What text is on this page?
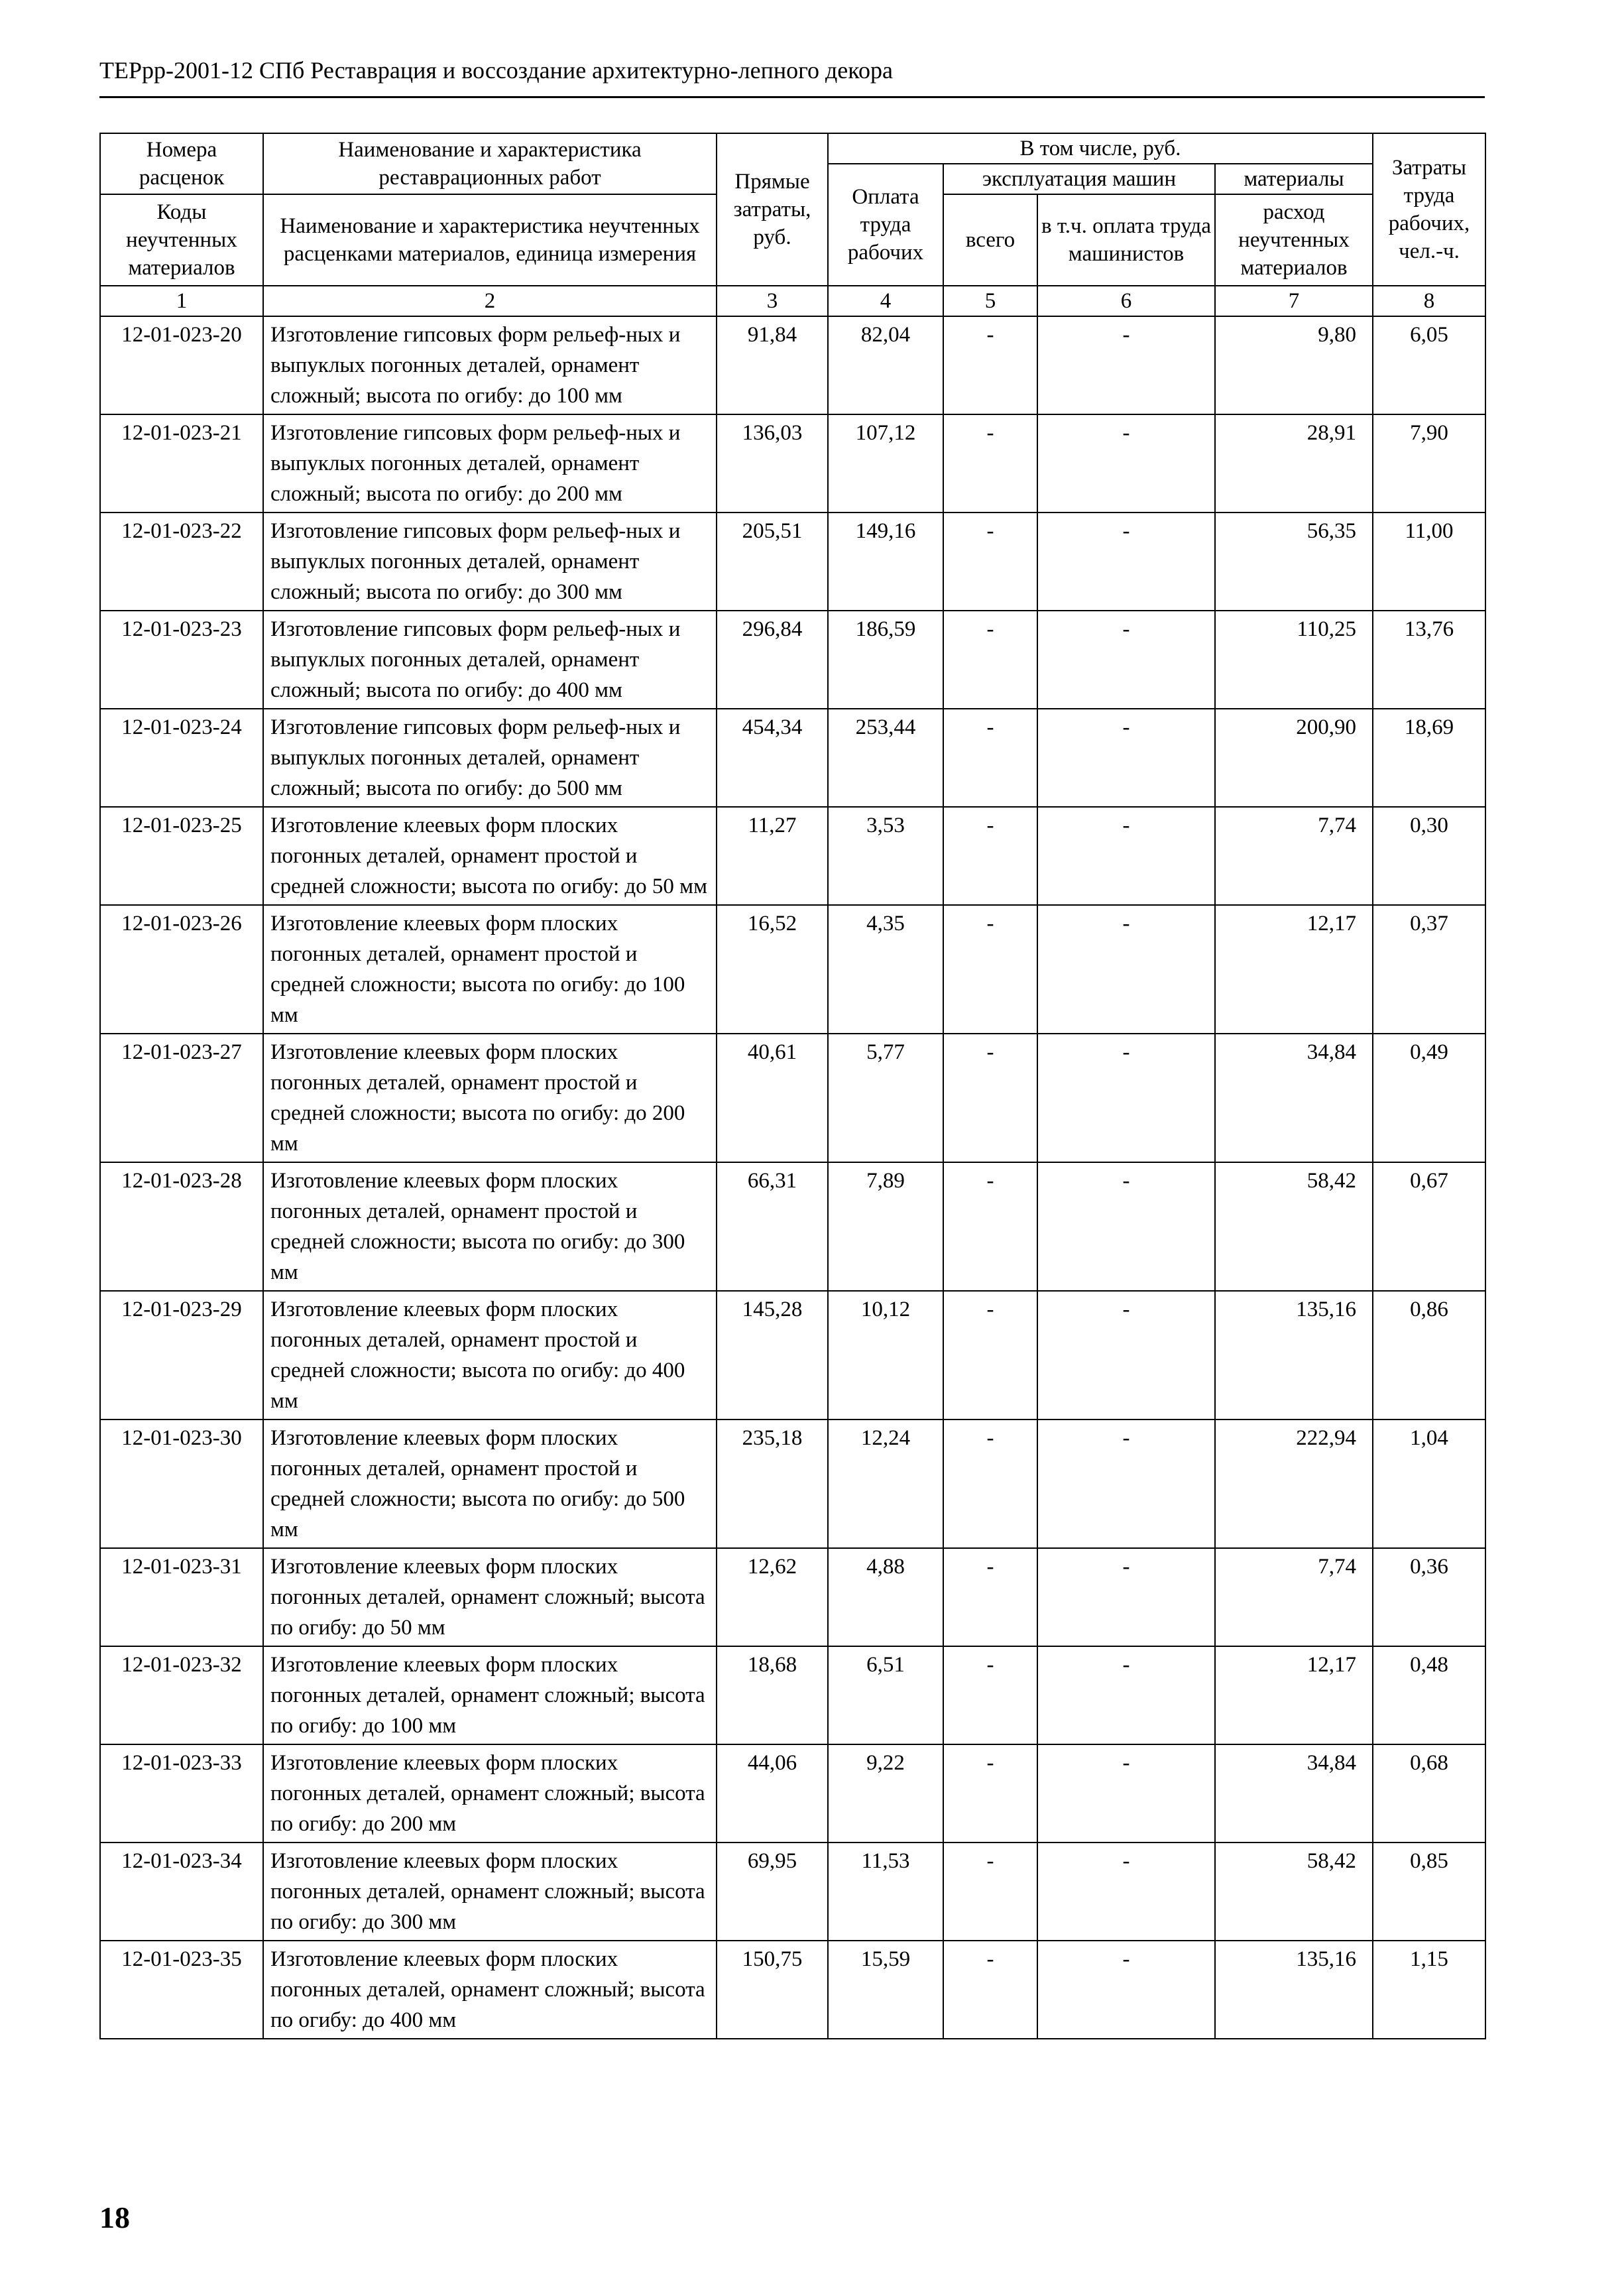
ТЕРрр-2001-12 СПб Реставрация и воссоздание архитектурно-лепного декора
Номера расценок	Наименование и характеристика реставрационных работ	Прямые затраты, руб.	В том числе, руб.				Затраты труда рабочих, чел.-ч.
			Оплата труда рабочих	эксплуатация машин		материалы	
Коды неучтенных материалов	Наименование и характеристика неучтенных расценками материалов, единица измерения			всего	в т.ч. оплата труда машинистов	расход неучтенных материалов	

1	2	3	4	5	6	7	8
12-01-023-20	Изготовление гипсовых форм рельеф-ных и выпуклых погонных деталей, орнамент сложный; высота по огибу: до 100 мм	91,84	82,04	-	-	9,80	6,05
12-01-023-21	Изготовление гипсовых форм рельеф-ных и выпуклых погонных деталей, орнамент сложный; высота по огибу: до 200 мм	136,03	107,12	-	-	28,91	7,90
12-01-023-22	Изготовление гипсовых форм рельеф-ных и выпуклых погонных деталей, орнамент сложный; высота по огибу: до 300 мм	205,51	149,16	-	-	56,35	11,00
12-01-023-23	Изготовление гипсовых форм рельеф-ных и выпуклых погонных деталей, орнамент сложный; высота по огибу: до 400 мм	296,84	186,59	-	-	110,25	13,76
12-01-023-24	Изготовление гипсовых форм рельеф-ных и выпуклых погонных деталей, орнамент сложный; высота по огибу: до 500 мм	454,34	253,44	-	-	200,90	18,69
12-01-023-25	Изготовление клеевых форм плоских погонных деталей, орнамент простой и средней сложности; высота по огибу: до 50 мм	11,27	3,53	-	-	7,74	0,30
12-01-023-26	Изготовление клеевых форм плоских погонных деталей, орнамент простой и средней сложности; высота по огибу: до 100 мм	16,52	4,35	-	-	12,17	0,37
12-01-023-27	Изготовление клеевых форм плоских погонных деталей, орнамент простой и средней сложности; высота по огибу: до 200 мм	40,61	5,77	-	-	34,84	0,49
12-01-023-28	Изготовление клеевых форм плоских погонных деталей, орнамент простой и средней сложности; высота по огибу: до 300 мм	66,31	7,89	-	-	58,42	0,67
12-01-023-29	Изготовление клеевых форм плоских погонных деталей, орнамент простой и средней сложности; высота по огибу: до 400 мм	145,28	10,12	-	-	135,16	0,86
12-01-023-30	Изготовление клеевых форм плоских погонных деталей, орнамент простой и средней сложности; высота по огибу: до 500 мм	235,18	12,24	-	-	222,94	1,04
12-01-023-31	Изготовление клеевых форм плоских погонных деталей, орнамент сложный; высота по огибу: до 50 мм	12,62	4,88	-	-	7,74	0,36
12-01-023-32	Изготовление клеевых форм плоских погонных деталей, орнамент сложный; высота по огибу: до 100 мм	18,68	6,51	-	-	12,17	0,48
12-01-023-33	Изготовление клеевых форм плоских погонных деталей, орнамент сложный; высота по огибу: до 200 мм	44,06	9,22	-	-	34,84	0,68
12-01-023-34	Изготовление клеевых форм плоских погонных деталей, орнамент сложный; высота по огибу: до 300 мм	69,95	11,53	-	-	58,42	0,85
12-01-023-35	Изготовление клеевых форм плоских погонных деталей, орнамент сложный; высота по огибу: до 400 мм	150,75	15,59	-	-	135,16	1,15
18
